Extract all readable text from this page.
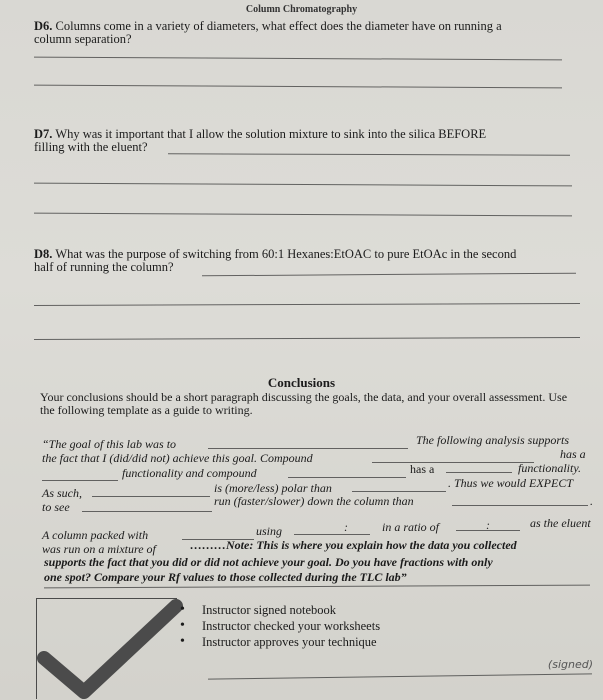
Column Chromatography
D6. Columns come in a variety of diameters, what effect does the diameter have on running a
column separation?
D7. Why was it important that I allow the solution mixture to sink into the silica BEFORE
filling with the eluent?
D8. What was the purpose of switching from 60:1 Hexanes:EtOAC to pure EtOAc in the second
half of running the column?
Conclusions
Your conclusions should be a short paragraph discussing the goals, the data, and your overall assessment. Use the following template as a guide to writing.
“The goal of this lab was to	The following analysis supports
the fact that I (did/did not) achieve this goal. Compound	has a
functionality and compound	has a	functionality.
As such,	is (more/less) polar than	. Thus we would EXPECT
to see	run (faster/slower) down the column than	.
A column packed with	using	:	in a ratio of	:	as the eluent
was run on a mixture of	………Note: This is where you explain how the data you collected
supports the fact that you did or did not achieve your goal. Do you have fractions with only
one spot? Compare your Rf values to those collected during the TLC lab”
• Instructor signed notebook
• Instructor checked your worksheets
• Instructor approves your technique
(signed)
